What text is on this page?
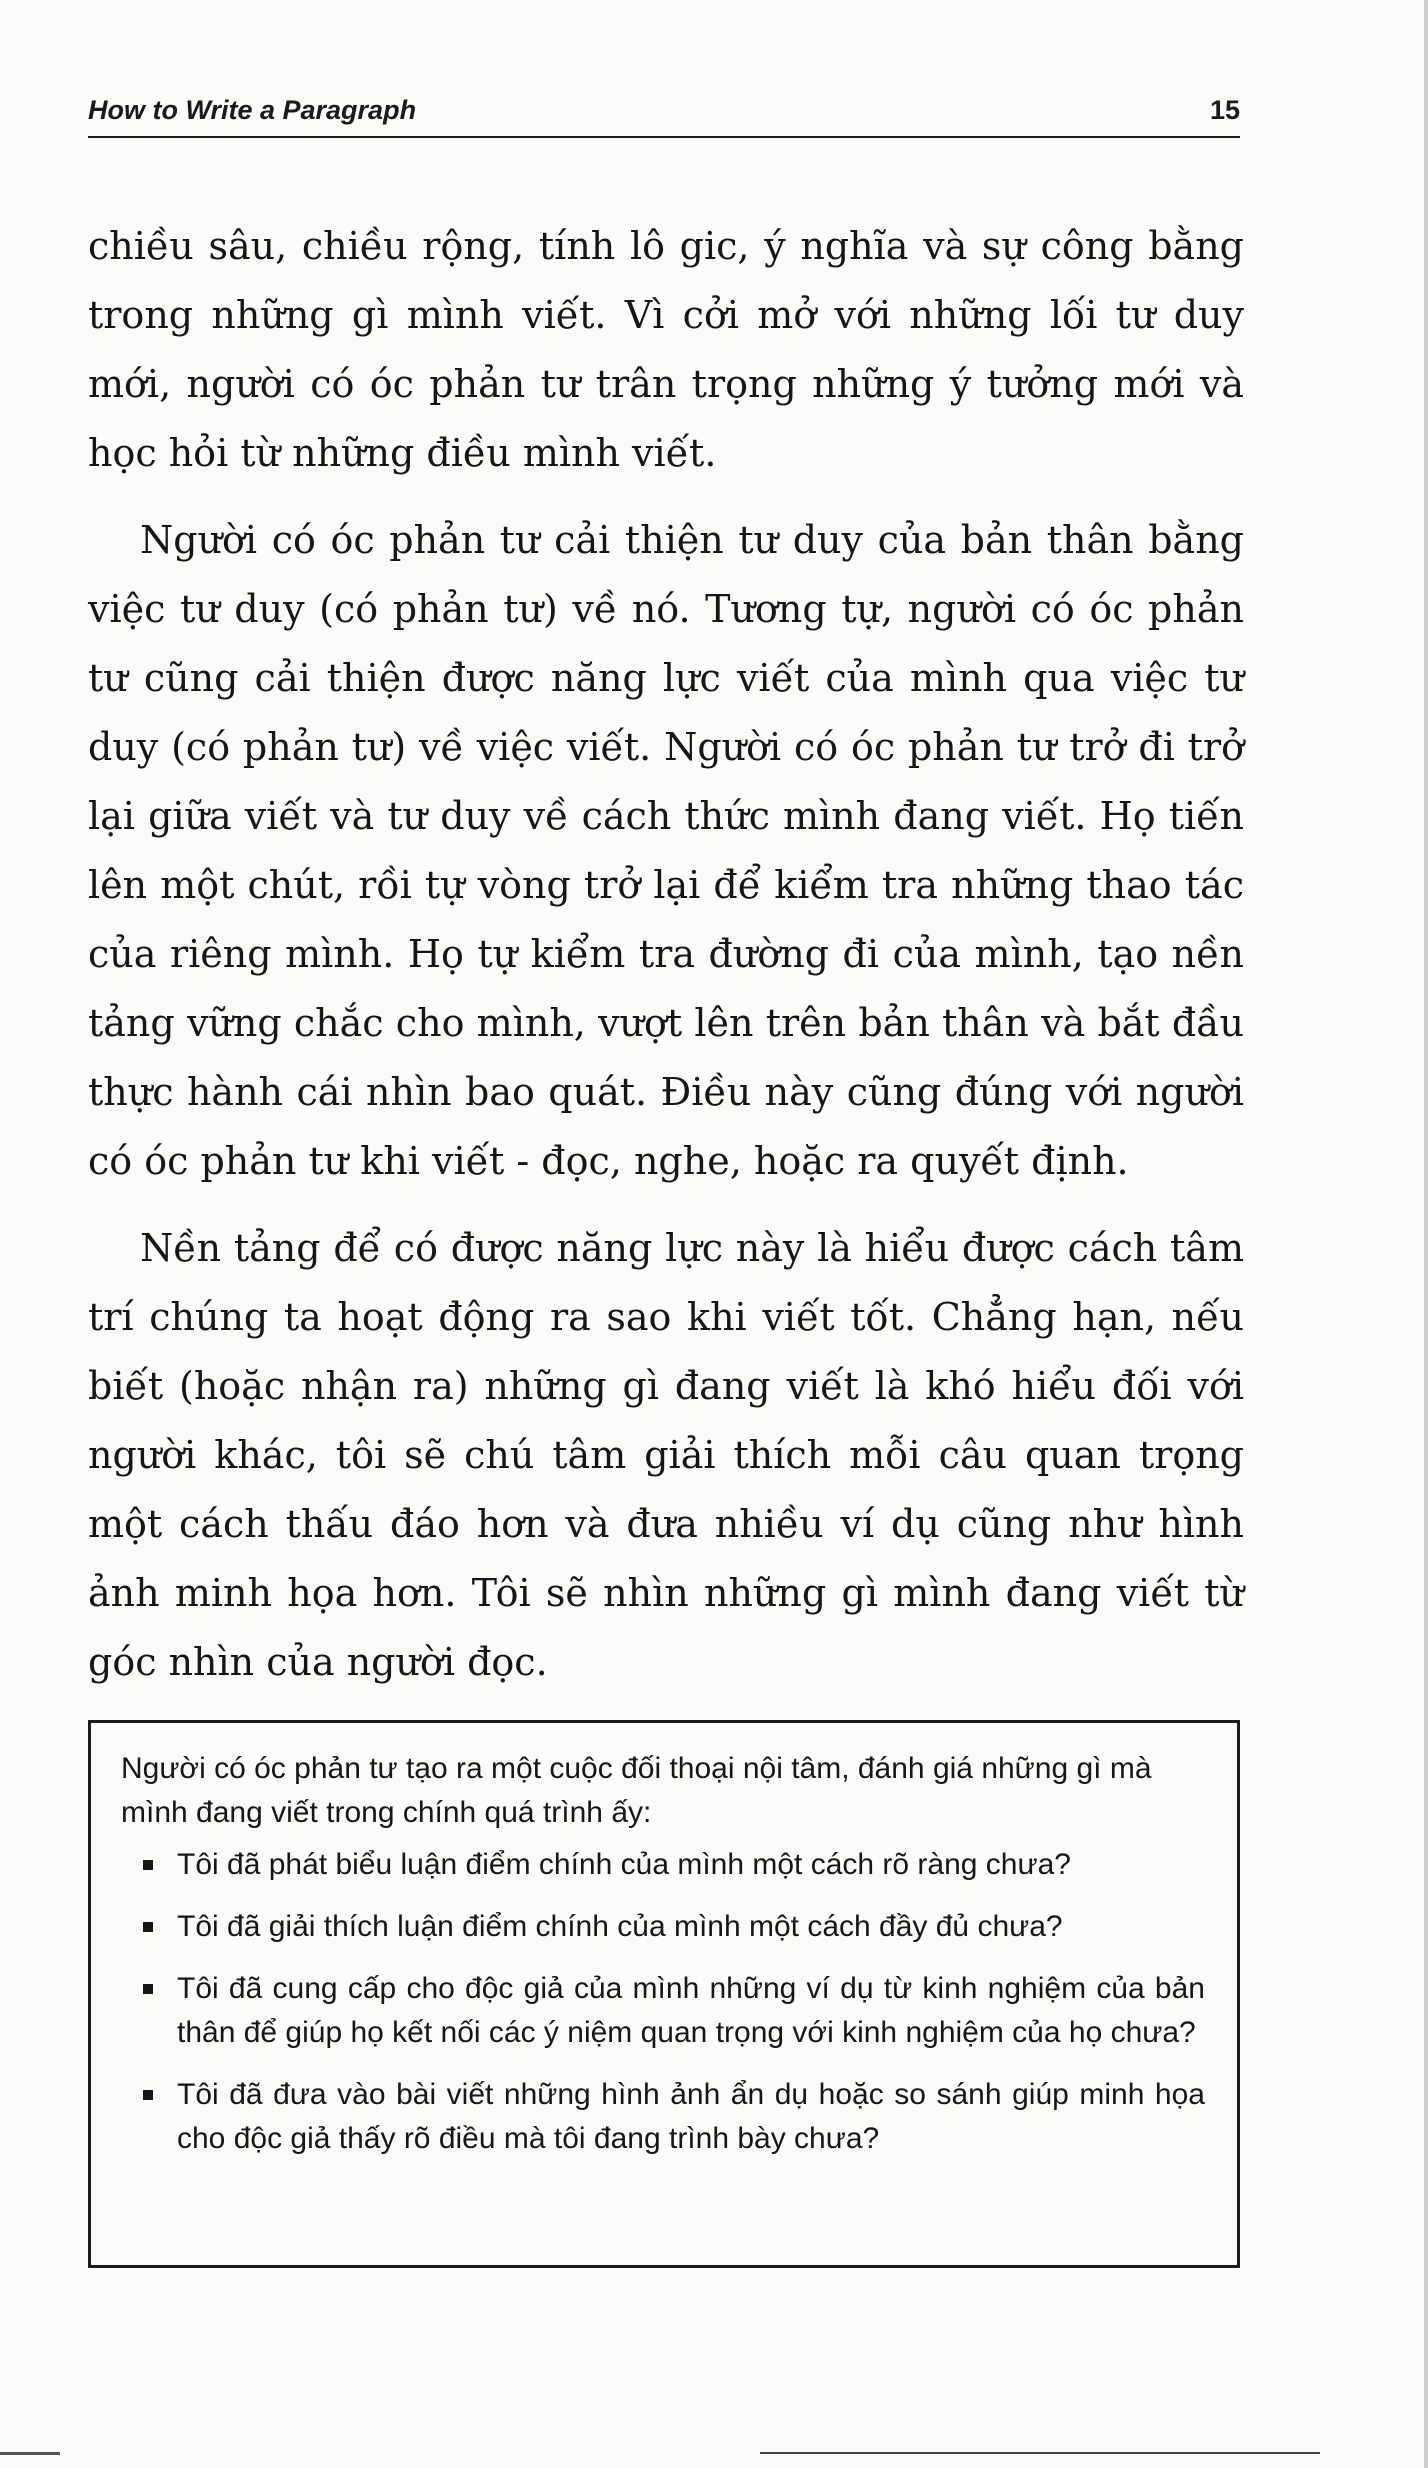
How to Write a Paragraph	15

chiều sâu, chiều rộng, tính lô gic, ý nghĩa và sự công bằng trong những gì mình viết. Vì cởi mở với những lối tư duy mới, người có óc phản tư trân trọng những ý tưởng mới và học hỏi từ những điều mình viết.

Người có óc phản tư cải thiện tư duy của bản thân bằng việc tư duy (có phản tư) về nó. Tương tự, người có óc phản tư cũng cải thiện được năng lực viết của mình qua việc tư duy (có phản tư) về việc viết. Người có óc phản tư trở đi trở lại giữa viết và tư duy về cách thức mình đang viết. Họ tiến lên một chút, rồi tự vòng trở lại để kiểm tra những thao tác của riêng mình. Họ tự kiểm tra đường đi của mình, tạo nền tảng vững chắc cho mình, vượt lên trên bản thân và bắt đầu thực hành cái nhìn bao quát. Điều này cũng đúng với người có óc phản tư khi viết - đọc, nghe, hoặc ra quyết định.

Nền tảng để có được năng lực này là hiểu được cách tâm trí chúng ta hoạt động ra sao khi viết tốt. Chẳng hạn, nếu biết (hoặc nhận ra) những gì đang viết là khó hiểu đối với người khác, tôi sẽ chú tâm giải thích mỗi câu quan trọng một cách thấu đáo hơn và đưa nhiều ví dụ cũng như hình ảnh minh họa hơn. Tôi sẽ nhìn những gì mình đang viết từ góc nhìn của người đọc.

Người có óc phản tư tạo ra một cuộc đối thoại nội tâm, đánh giá những gì mà mình đang viết trong chính quá trình ấy:

Tôi đã phát biểu luận điểm chính của mình một cách rõ ràng chưa?
Tôi đã giải thích luận điểm chính của mình một cách đầy đủ chưa?
Tôi đã cung cấp cho độc giả của mình những ví dụ từ kinh nghiệm của bản thân để giúp họ kết nối các ý niệm quan trọng với kinh nghiệm của họ chưa?
Tôi đã đưa vào bài viết những hình ảnh ẩn dụ hoặc so sánh giúp minh họa cho độc giả thấy rõ điều mà tôi đang trình bày chưa?
